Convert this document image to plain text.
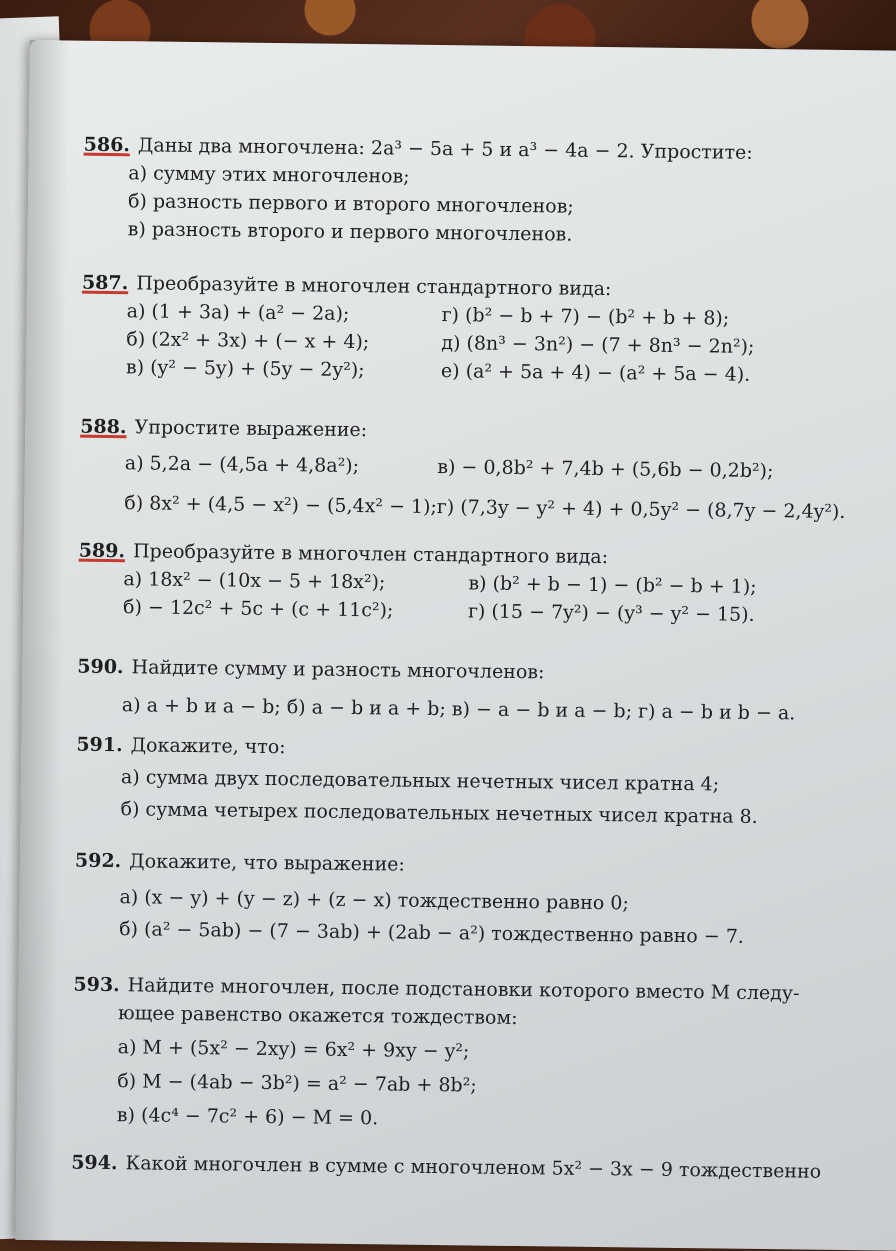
586. Даны два многочлена: 2a³ − 5a + 5 и a³ − 4a − 2. Упростите:
а) сумму этих многочленов;
б) разность первого и второго многочленов;
в) разность второго и первого многочленов.
587. Преобразуйте в многочлен стандартного вида:
а) (1 + 3a) + (a² − 2a);
б) (2x² + 3x) + (− x + 4);
в) (y² − 5y) + (5y − 2y²);
г) (b² − b + 7) − (b² + b + 8);
д) (8n³ − 3n²) − (7 + 8n³ − 2n²);
е) (a² + 5a + 4) − (a² + 5a − 4).
588. Упростите выражение:
а) 5,2a − (4,5a + 4,8a²);
б) 8x² + (4,5 − x²) − (5,4x² − 1);
в) − 0,8b² + 7,4b + (5,6b − 0,2b²);
г) (7,3y − y² + 4) + 0,5y² − (8,7y − 2,4y²).
589. Преобразуйте в многочлен стандартного вида:
а) 18x² − (10x − 5 + 18x²);
б) − 12c² + 5c + (c + 11c²);
в) (b² + b − 1) − (b² − b + 1);
г) (15 − 7y²) − (y³ − y² − 15).
590. Найдите сумму и разность многочленов:
а) a + b и a − b; б) a − b и a + b; в) − a − b и a − b; г) a − b и b − a.
591. Докажите, что:
а) сумма двух последовательных нечетных чисел кратна 4;
б) сумма четырех последовательных нечетных чисел кратна 8.
592. Докажите, что выражение:
а) (x − y) + (y − z) + (z − x) тождественно равно 0;
б) (a² − 5ab) − (7 − 3ab) + (2ab − a²) тождественно равно − 7.
593. Найдите многочлен, после подстановки которого вместо M следу-
ющее равенство окажется тождеством:
а) M + (5x² − 2xy) = 6x² + 9xy − y²;
б) M − (4ab − 3b²) = a² − 7ab + 8b²;
в) (4c⁴ − 7c² + 6) − M = 0.
594. Какой многочлен в сумме с многочленом 5x² − 3x − 9 тождественно
